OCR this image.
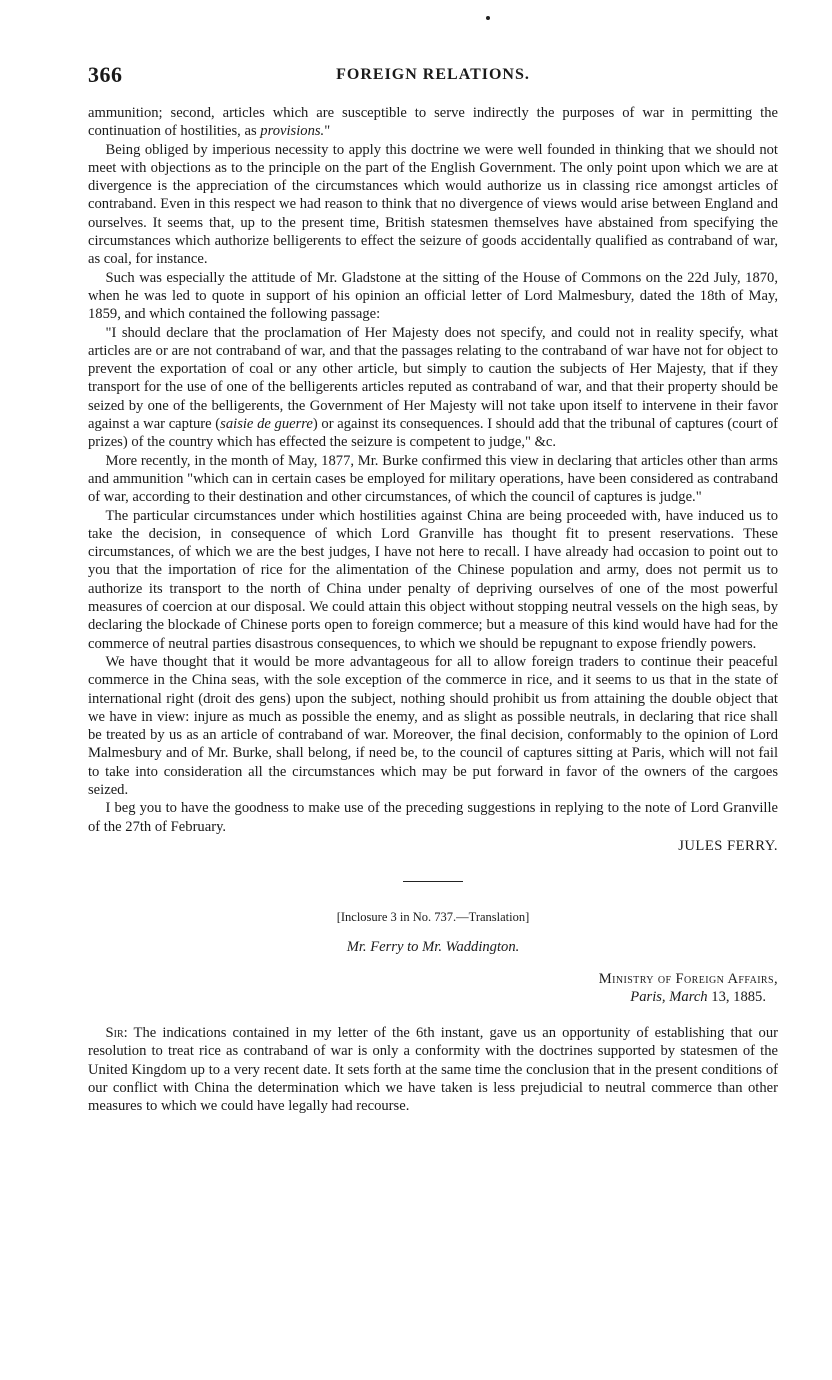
366	FOREIGN RELATIONS.

ammunition; second, articles which are susceptible to serve indirectly the purposes of war in permitting the continuation of hostilities, as provisions."

Being obliged by imperious necessity to apply this doctrine we were well founded in thinking that we should not meet with objections as to the principle on the part of the English Government. The only point upon which we are at divergence is the appreciation of the circumstances which would authorize us in classing rice amongst articles of contraband. Even in this respect we had reason to think that no divergence of views would arise between England and ourselves. It seems that, up to the present time, British statesmen themselves have abstained from specifying the circumstances which authorize belligerents to effect the seizure of goods accidentally qualified as contraband of war, as coal, for instance.

Such was especially the attitude of Mr. Gladstone at the sitting of the House of Commons on the 22d July, 1870, when he was led to quote in support of his opinion an official letter of Lord Malmesbury, dated the 18th of May, 1859, and which contained the following passage:

"I should declare that the proclamation of Her Majesty does not specify, and could not in reality specify, what articles are or are not contraband of war, and that the passages relating to the contraband of war have not for object to prevent the exportation of coal or any other article, but simply to caution the subjects of Her Majesty, that if they transport for the use of one of the belligerents articles reputed as contraband of war, and that their property should be seized by one of the belligerents, the Government of Her Majesty will not take upon itself to intervene in their favor against a war capture (saisie de guerre) or against its consequences. I should add that the tribunal of captures (court of prizes) of the country which has effected the seizure is competent to judge," &c.

More recently, in the month of May, 1877, Mr. Burke confirmed this view in declaring that articles other than arms and ammunition "which can in certain cases be employed for military operations, have been considered as contraband of war, according to their destination and other circumstances, of which the council of captures is judge."

The particular circumstances under which hostilities against China are being proceeded with, have induced us to take the decision, in consequence of which Lord Granville has thought fit to present reservations. These circumstances, of which we are the best judges, I have not here to recall. I have already had occasion to point out to you that the importation of rice for the alimentation of the Chinese population and army, does not permit us to authorize its transport to the north of China under penalty of depriving ourselves of one of the most powerful measures of coercion at our disposal. We could attain this object without stopping neutral vessels on the high seas, by declaring the blockade of Chinese ports open to foreign commerce; but a measure of this kind would have had for the commerce of neutral parties disastrous consequences, to which we should be repugnant to expose friendly powers.

We have thought that it would be more advantageous for all to allow foreign traders to continue their peaceful commerce in the China seas, with the sole exception of the commerce in rice, and it seems to us that in the state of international right (droit des gens) upon the subject, nothing should prohibit us from attaining the double object that we have in view: injure as much as possible the enemy, and as slight as possible neutrals, in declaring that rice shall be treated by us as an article of contraband of war. Moreover, the final decision, conformably to the opinion of Lord Malmesbury and of Mr. Burke, shall belong, if need be, to the council of captures sitting at Paris, which will not fail to take into consideration all the circumstances which may be put forward in favor of the owners of the cargoes seized.

I beg you to have the goodness to make use of the preceding suggestions in replying to the note of Lord Granville of the 27th of February.

JULES FERRY.
[Inclosure 3 in No. 737.—Translation]
Mr. Ferry to Mr. Waddington.
Ministry of Foreign Affairs,
Paris, March 13, 1885.

Sir: The indications contained in my letter of the 6th instant, gave us an opportunity of establishing that our resolution to treat rice as contraband of war is only a conformity with the doctrines supported by statesmen of the United Kingdom up to a very recent date. It sets forth at the same time the conclusion that in the present conditions of our conflict with China the determination which we have taken is less prejudicial to neutral commerce than other measures to which we could have legally had recourse.
